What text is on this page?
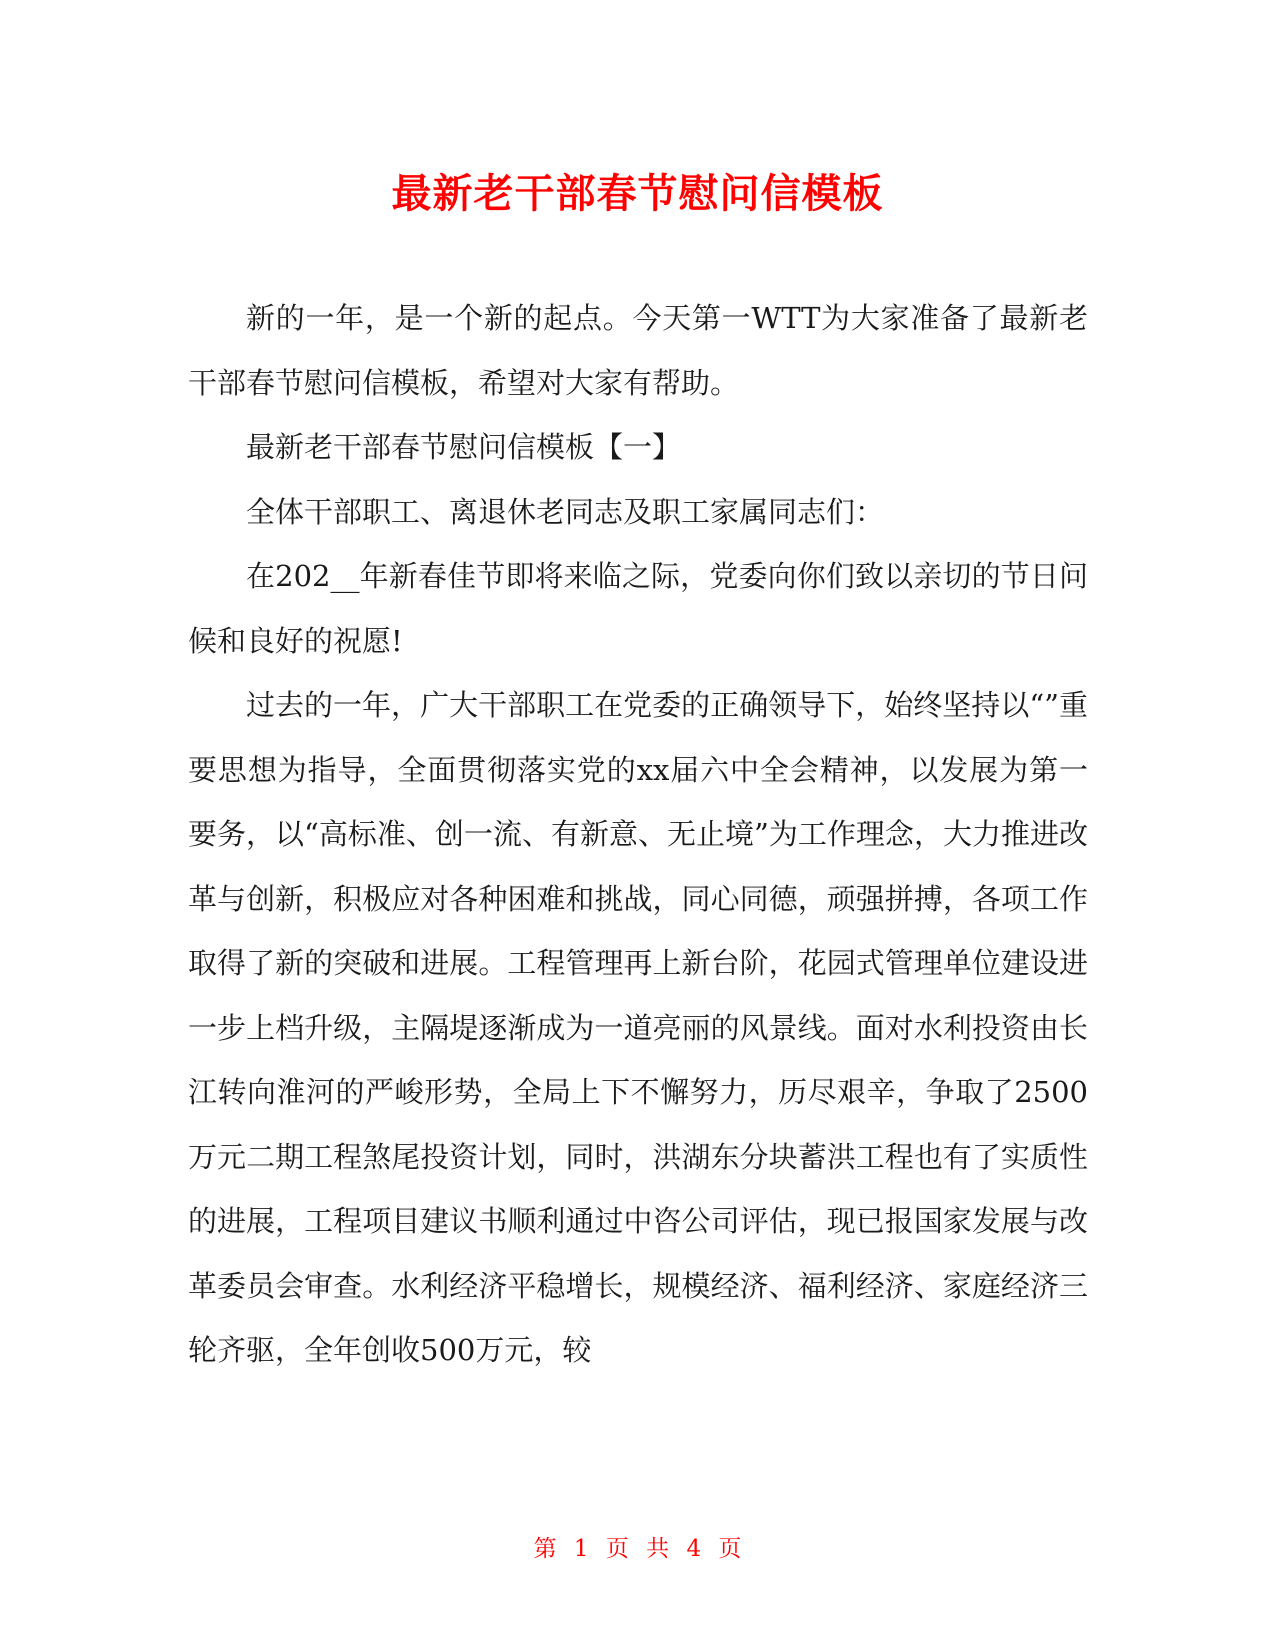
最新老干部春节慰问信模板

新的一年，是一个新的起点。今天第一WTT为大家准备了最新老干部春节慰问信模板，希望对大家有帮助。

最新老干部春节慰问信模板【一】

全体干部职工、离退休老同志及职工家属同志们：

在202__年新春佳节即将来临之际，党委向你们致以亲切的节日问候和良好的祝愿!

过去的一年，广大干部职工在党委的正确领导下，始终坚持以“”重要思想为指导，全面贯彻落实党的xx届六中全会精神，以发展为第一要务，以“高标准、创一流、有新意、无止境”为工作理念，大力推进改革与创新，积极应对各种困难和挑战，同心同德，顽强拼搏，各项工作取得了新的突破和进展。工程管理再上新台阶，花园式管理单位建设进一步上档升级，主隔堤逐渐成为一道亮丽的风景线。面对水利投资由长江转向淮河的严峻形势，全局上下不懈努力，历尽艰辛，争取了2500万元二期工程煞尾投资计划，同时，洪湖东分块蓄洪工程也有了实质性的进展，工程项目建议书顺利通过中咨公司评估，现已报国家发展与改革委员会审查。水利经济平稳增长，规模经济、福利经济、家庭经济三轮齐驱，全年创收500万元，较

第 1 页 共 4 页
